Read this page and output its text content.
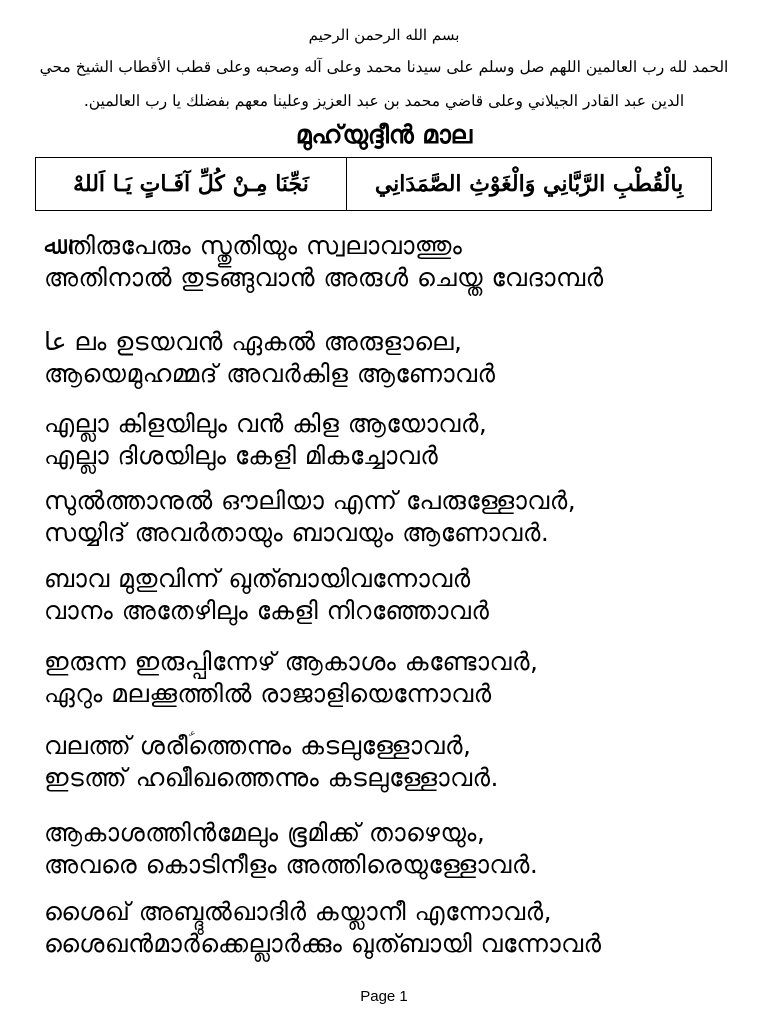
بسم الله الرحمن الرحيم
الحمد لله رب العالمين اللهم صل وسلم على سيدنا محمد وعلى آله وصحبه وعلى قطب الأقطاب الشيخ محي
الدين عبد القادر الجيلاني وعلى قاضي محمد بن عبد العزيز وعلينا معهم بفضلك يا رب العالمين.
മുഹ്‌യുദ്ദീൻ മാല
بِالْقُطْبِ الرَّبَّانِي وَالْغَوْثِ الصَّمَدَانِي
نَجِّنَا مِـنْ كُلِّ آفَـاتٍ يَـا اَللهْ
ﷲ തിരുപേരും സ്തുതിയും സ്വലാവാത്തും
അതിനാൽ തുടങ്ങുവാൻ അരുൾ ചെയ്ത വേദാമ്പർ
عا ലം ഉടയവൻ ഏകൽ അരുളാലെ,
ആയെമുഹമ്മദ് അവർകിള ആണോവർ
എല്ലാ കിളയിലും വൻ കിള ആയോവർ,
എല്ലാ ദിശയിലും കേളി മികച്ചോവർ
സുൽത്താനുൽ ഔലിയാ എന്ന് പേരുള്ളോവർ,
സയ്യിദ് അവർതായും ബാവയും ആണോവർ.
ബാവ മുതുവിന്ന് ഖുത്ബായിവന്നോവർ
വാനം അതേഴിലും കേളി നിറഞ്ഞോവർ
ഇരുന്ന ഇരുപ്പിന്നേഴ് ആകാശം കണ്ടോവർ,
ഏറും മലക്കൂത്തിൽ രാജാളിയെന്നോവർ
വലത്ത് ശരീؑത്തെന്നും കടലുള്ളോവർ,
ഇടത്ത് ഹഖീഖത്തെന്നും കടലുള്ളോവർ.
ആകാശത്തിൻമേലും ഭൂമിക്ക് താഴെയും,
അവരെ കൊടിനീളം അത്തിരെയുള്ളോവർ.
ശൈഖ് അബ്ദുൽഖാദിർ കയ്ലാനീ എന്നോവർ,
ശൈഖൻമാർക്കെല്ലാർക്കും ഖുത്ബായി വന്നോവർ
Page 1
